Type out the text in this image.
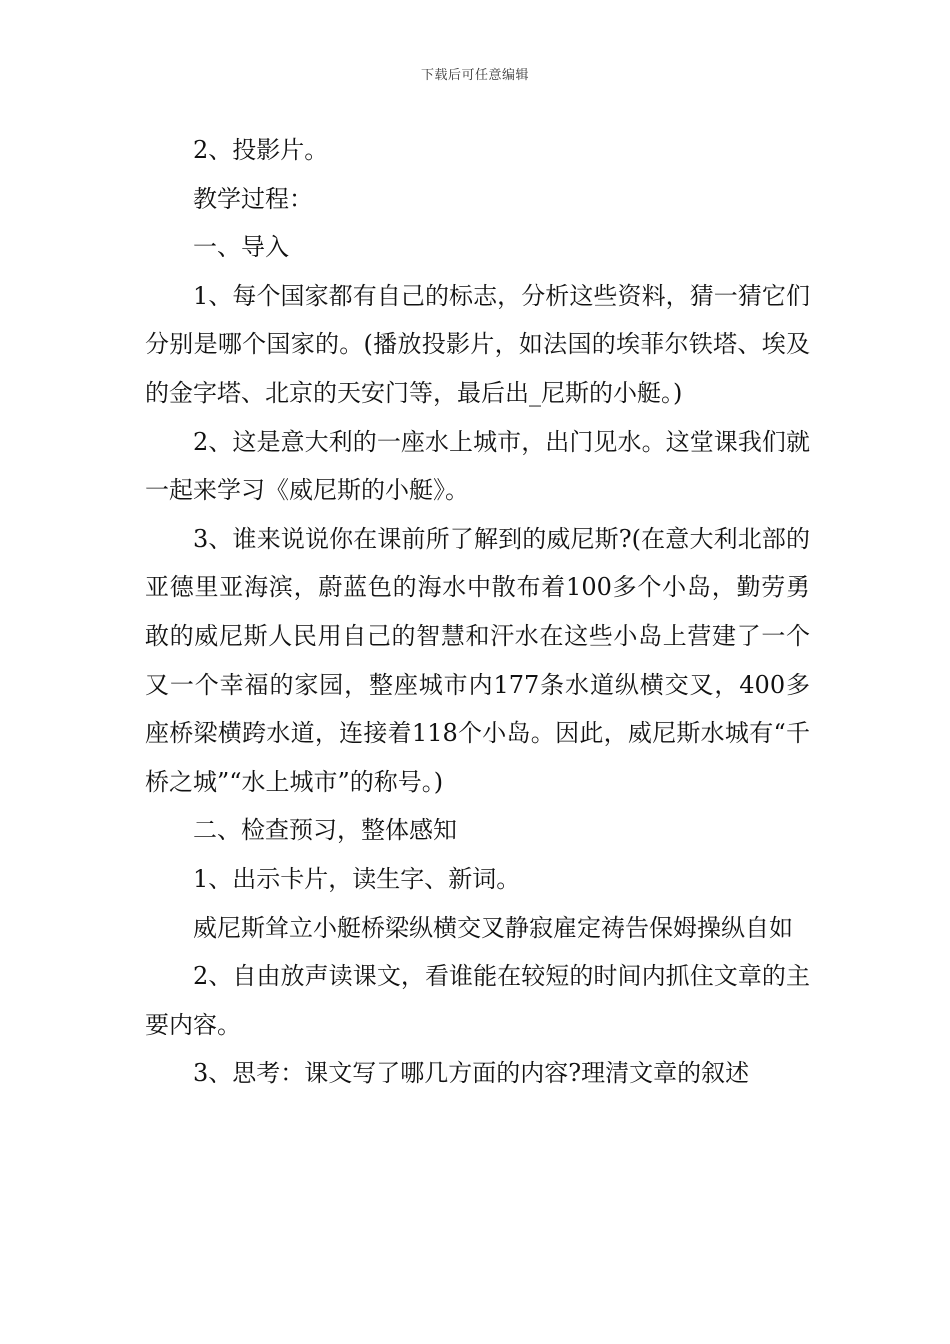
下载后可任意编辑

2、投影片。

教学过程：

一、导入

1、每个国家都有自己的标志，分析这些资料，猜一猜它们分别是哪个国家的。(播放投影片，如法国的埃菲尔铁塔、埃及的金字塔、北京的天安门等，最后出_尼斯的小艇。)

2、这是意大利的一座水上城市，出门见水。这堂课我们就一起来学习《威尼斯的小艇》。

3、谁来说说你在课前所了解到的威尼斯?(在意大利北部的亚德里亚海滨，蔚蓝色的海水中散布着100多个小岛，勤劳勇敢的威尼斯人民用自己的智慧和汗水在这些小岛上营建了一个又一个幸福的家园，整座城市内177条水道纵横交叉，400多座桥梁横跨水道，连接着118个小岛。因此，威尼斯水城有“千桥之城”“水上城市”的称号。)

二、检查预习，整体感知

1、出示卡片，读生字、新词。

威尼斯耸立小艇桥梁纵横交叉静寂雇定祷告保姆操纵自如

2、自由放声读课文，看谁能在较短的时间内抓住文章的主要内容。

3、思考：课文写了哪几方面的内容?理清文章的叙述
